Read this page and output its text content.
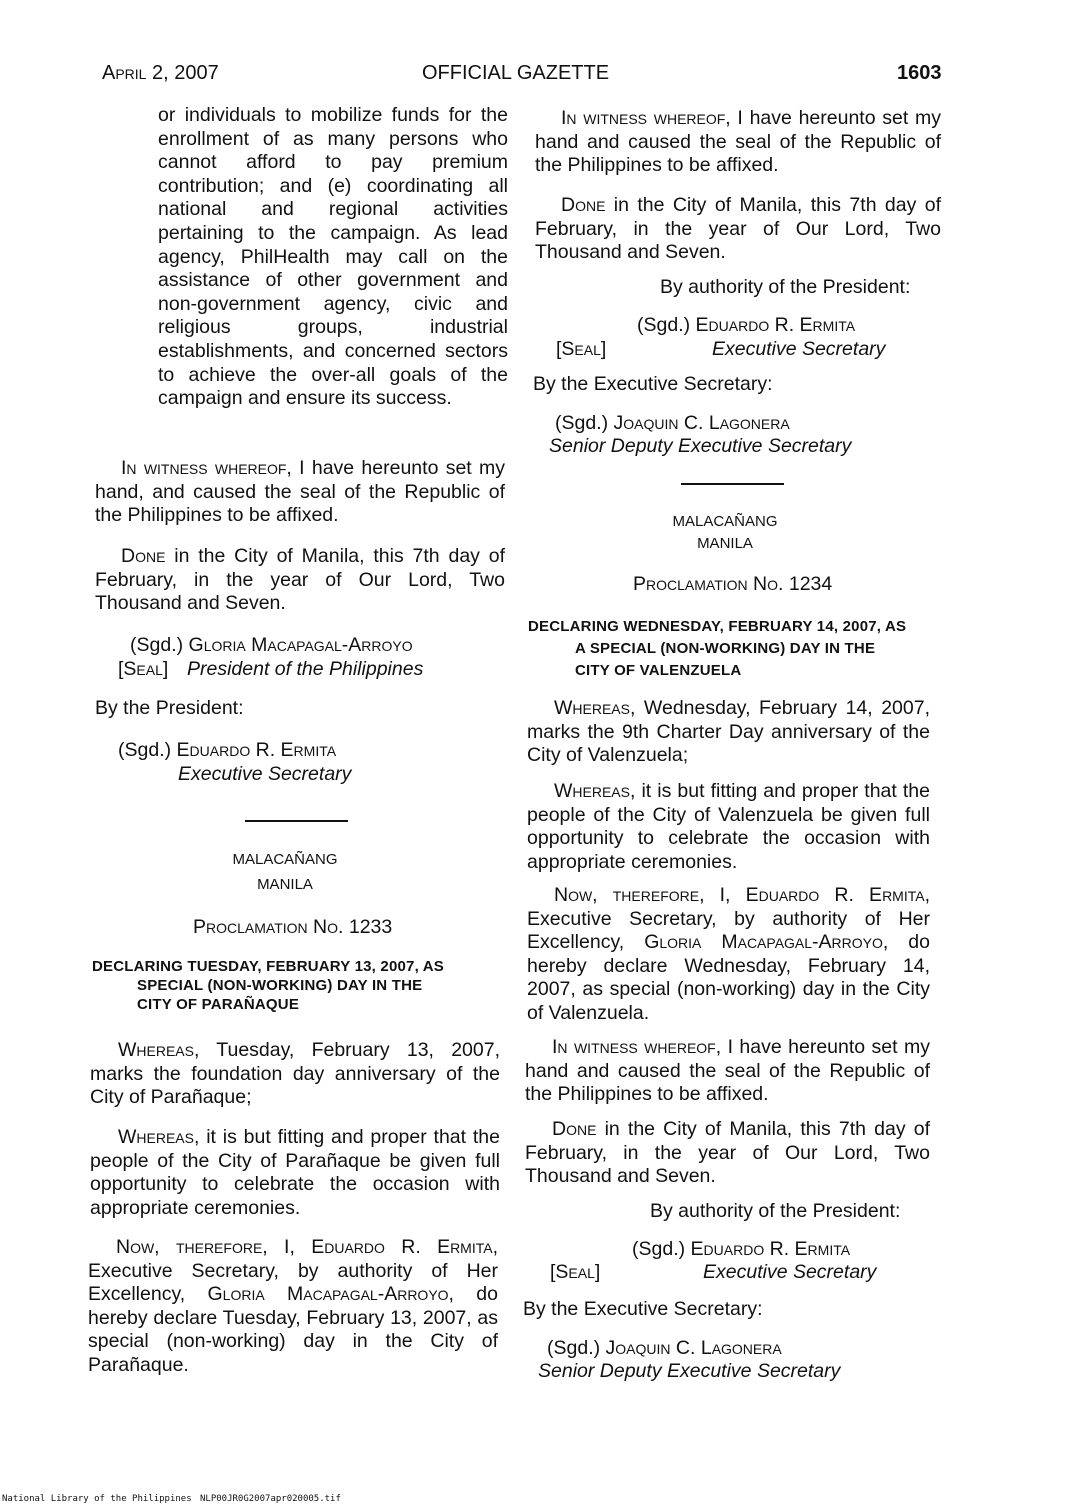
April 2, 2007	OFFICIAL GAZETTE	1603
or individuals to mobilize funds for the enrollment of as many persons who cannot afford to pay premium contribution; and (e) coordinating all national and regional activities pertaining to the campaign. As lead agency, PhilHealth may call on the assistance of other government and non-government agency, civic and religious groups, industrial establishments, and concerned sectors to achieve the over-all goals of the campaign and ensure its success.
In witness whereof, I have hereunto set my hand, and caused the seal of the Republic of the Philippines to be affixed.
Done in the City of Manila, this 7th day of February, in the year of Our Lord, Two Thousand and Seven.
(Sgd.) Gloria Macapagal-Arroyo
[Seal] President of the Philippines
By the President:
(Sgd.) Eduardo R. Ermita
Executive Secretary
MALACAÑANG
MANILA
Proclamation No. 1233
DECLARING TUESDAY, FEBRUARY 13, 2007, AS
SPECIAL (NON-WORKING) DAY IN THE
CITY OF PARAÑAQUE
Whereas, Tuesday, February 13, 2007, marks the foundation day anniversary of the City of Parañaque;
Whereas, it is but fitting and proper that the people of the City of Parañaque be given full opportunity to celebrate the occasion with appropriate ceremonies.
Now, therefore, I, Eduardo R. Ermita, Executive Secretary, by authority of Her Excellency, Gloria Macapagal-Arroyo, do hereby declare Tuesday, February 13, 2007, as special (non-working) day in the City of Parañaque.
In witness whereof, I have hereunto set my hand and caused the seal of the Republic of the Philippines to be affixed.
Done in the City of Manila, this 7th day of February, in the year of Our Lord, Two Thousand and Seven.
By authority of the President:
(Sgd.) Eduardo R. Ermita
[Seal]	Executive Secretary
By the Executive Secretary:
(Sgd.) Joaquin C. Lagonera
Senior Deputy Executive Secretary
MALACAÑANG
MANILA
Proclamation No. 1234
DECLARING WEDNESDAY, FEBRUARY 14, 2007, AS
A SPECIAL (NON-WORKING) DAY IN THE
CITY OF VALENZUELA
Whereas, Wednesday, February 14, 2007, marks the 9th Charter Day anniversary of the City of Valenzuela;
Whereas, it is but fitting and proper that the people of the City of Valenzuela be given full opportunity to celebrate the occasion with appropriate ceremonies.
Now, therefore, I, Eduardo R. Ermita, Executive Secretary, by authority of Her Excellency, Gloria Macapagal-Arroyo, do hereby declare Wednesday, February 14, 2007, as special (non-working) day in the City of Valenzuela.
In witness whereof, I have hereunto set my hand and caused the seal of the Republic of the Philippines to be affixed.
Done in the City of Manila, this 7th day of February, in the year of Our Lord, Two Thousand and Seven.
By authority of the President:
(Sgd.) Eduardo R. Ermita
[Seal]	Executive Secretary
By the Executive Secretary:
(Sgd.) Joaquin C. Lagonera
Senior Deputy Executive Secretary
National Library of the Philippines NLP00JR0G2007apr020005.tif
